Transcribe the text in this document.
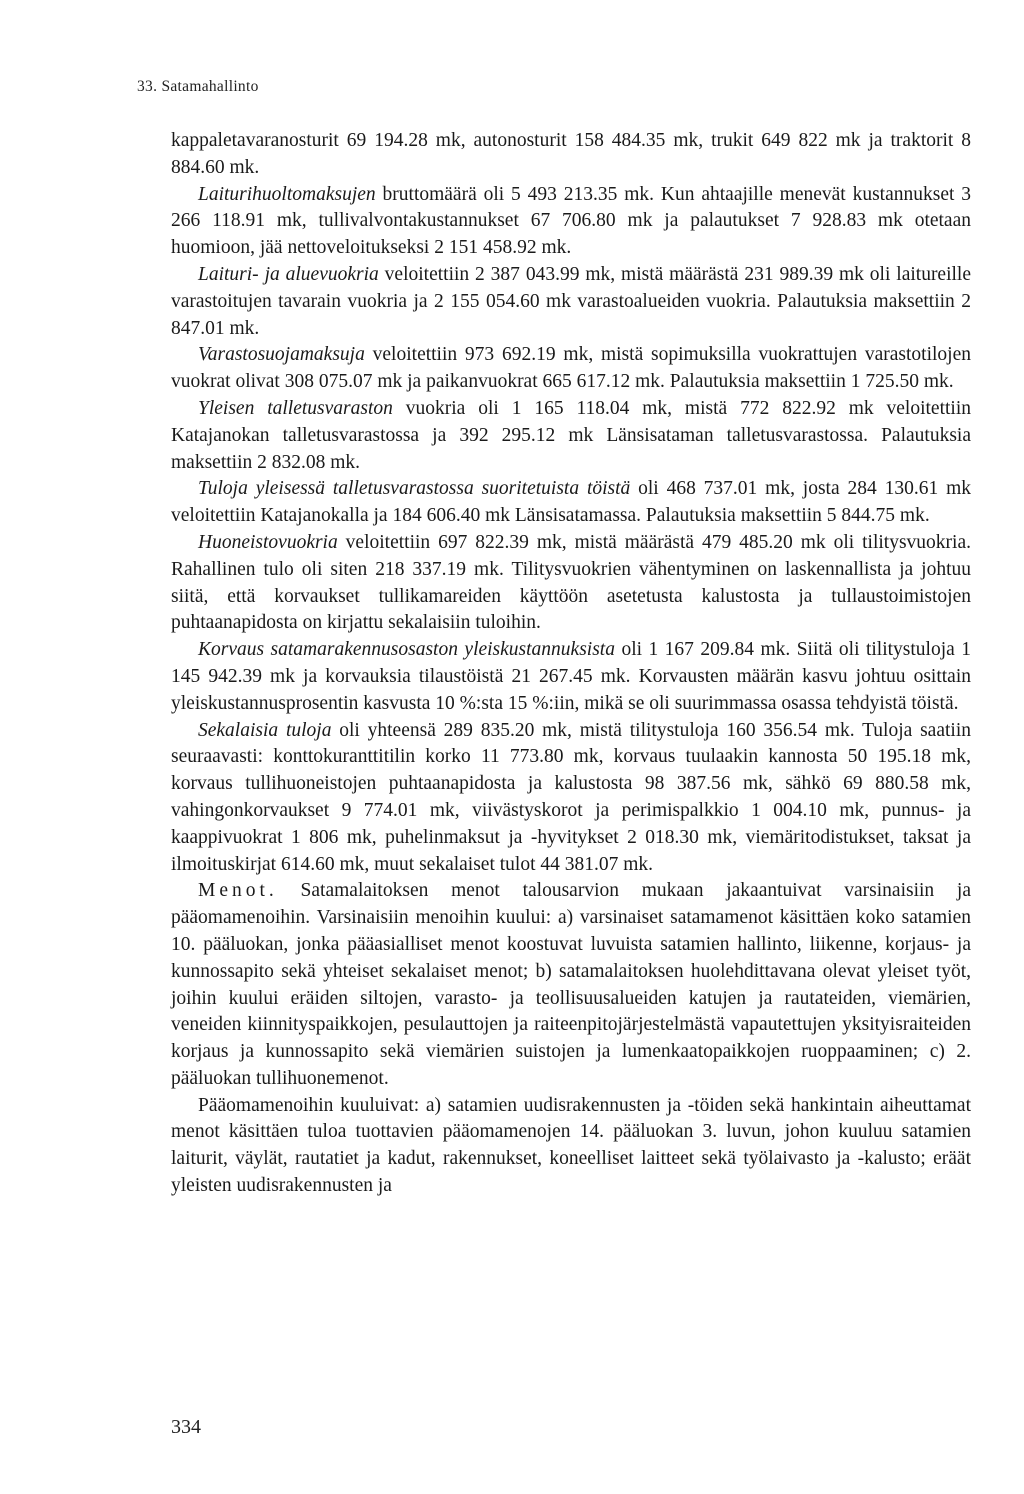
33. Satamahallinto

kappaletavaranosturit 69 194.28 mk, autonosturit 158 484.35 mk, trukit 649 822 mk ja traktorit 8 884.60 mk.

Laiturihuoltomaksujen bruttomäärä oli 5 493 213.35 mk. Kun ahtaajille menevät kustannukset 3 266 118.91 mk, tullivalvontakustannukset 67 706.80 mk ja palautukset 7 928.83 mk otetaan huomioon, jää nettoveloitukseksi 2 151 458.92 mk.

Laituri- ja aluevuokria veloitettiin 2 387 043.99 mk, mistä määrästä 231 989.39 mk oli laitureille varastoitujen tavarain vuokria ja 2 155 054.60 mk varastoalueiden vuokria. Palautuksia maksettiin 2 847.01 mk.

Varastosuojamaksuja veloitettiin 973 692.19 mk, mistä sopimuksilla vuokrattujen varastotilojen vuokrat olivat 308 075.07 mk ja paikanvuokrat 665 617.12 mk. Palautuksia maksettiin 1 725.50 mk.

Yleisen talletusvaraston vuokria oli 1 165 118.04 mk, mistä 772 822.92 mk veloitettiin Katajanokan talletusvarastossa ja 392 295.12 mk Länsisataman talletusvarastossa. Palautuksia maksettiin 2 832.08 mk.

Tuloja yleisessä talletusvarastossa suoritetuista töistä oli 468 737.01 mk, josta 284 130.61 mk veloitettiin Katajanokalla ja 184 606.40 mk Länsisatamassa. Palautuksia maksettiin 5 844.75 mk.

Huoneistovuokria veloitettiin 697 822.39 mk, mistä määrästä 479 485.20 mk oli tilitysvuokria. Rahallinen tulo oli siten 218 337.19 mk. Tilitysvuokrien vähentyminen on laskennallista ja johtuu siitä, että korvaukset tullikamareiden käyttöön asetetusta kalustosta ja tullaustoimistojen puhtaanapidosta on kirjattu sekalaisiin tuloihin.

Korvaus satamarakennusosaston yleiskustannuksista oli 1 167 209.84 mk. Siitä oli tilitystuloja 1 145 942.39 mk ja korvauksia tilaustöistä 21 267.45 mk. Korvausten määrän kasvu johtuu osittain yleiskustannusprosentin kasvusta 10 %:sta 15 %:iin, mikä se oli suurimmassa osassa tehdyistä töistä.

Sekalaisia tuloja oli yhteensä 289 835.20 mk, mistä tilitystuloja 160 356.54 mk. Tuloja saatiin seuraavasti: konttokuranttitilin korko 11 773.80 mk, korvaus tuulaakin kannosta 50 195.18 mk, korvaus tullihuoneistojen puhtaanapidosta ja kalustosta 98 387.56 mk, sähkö 69 880.58 mk, vahingonkorvaukset 9 774.01 mk, viivästyskorot ja perimispalkkio 1 004.10 mk, punnus- ja kaappivuokrat 1 806 mk, puhelinmaksut ja -hyvitykset 2 018.30 mk, viemäritodistukset, taksat ja ilmoituskirjat 614.60 mk, muut sekalaiset tulot 44 381.07 mk.

Menot. Satamalaitoksen menot talousarvion mukaan jakaantuivat varsinaisiin ja pääomamenoihin. Varsinaisiin menoihin kuului: a) varsinaiset satamamenot käsittäen koko satamien 10. pääluokan, jonka pääasialliset menot koostuvat luvuista satamien hallinto, liikenne, korjaus- ja kunnossapito sekä yhteiset sekalaiset menot; b) satamalaitoksen huolehdittavana olevat yleiset työt, joihin kuului eräiden siltojen, varasto- ja teollisuusalueiden katujen ja rautateiden, viemärien, veneiden kiinnityspaikkojen, pesulauttojen ja raiteenpitojärjestelmästä vapautettujen yksityisraiteiden korjaus ja kunnossapito sekä viemärien suistojen ja lumenkaatopaikkojen ruoppaaminen; c) 2. pääluokan tullihuonemenot.

Pääomamenoihin kuuluivat: a) satamien uudisrakennusten ja -töiden sekä hankintain aiheuttamat menot käsittäen tuloa tuottavien pääomamenojen 14. pääluokan 3. luvun, johon kuuluu satamien laiturit, väylät, rautatiet ja kadut, rakennukset, koneelliset laitteet sekä työlaivasto ja -kalusto; eräät yleisten uudisrakennusten ja

334
